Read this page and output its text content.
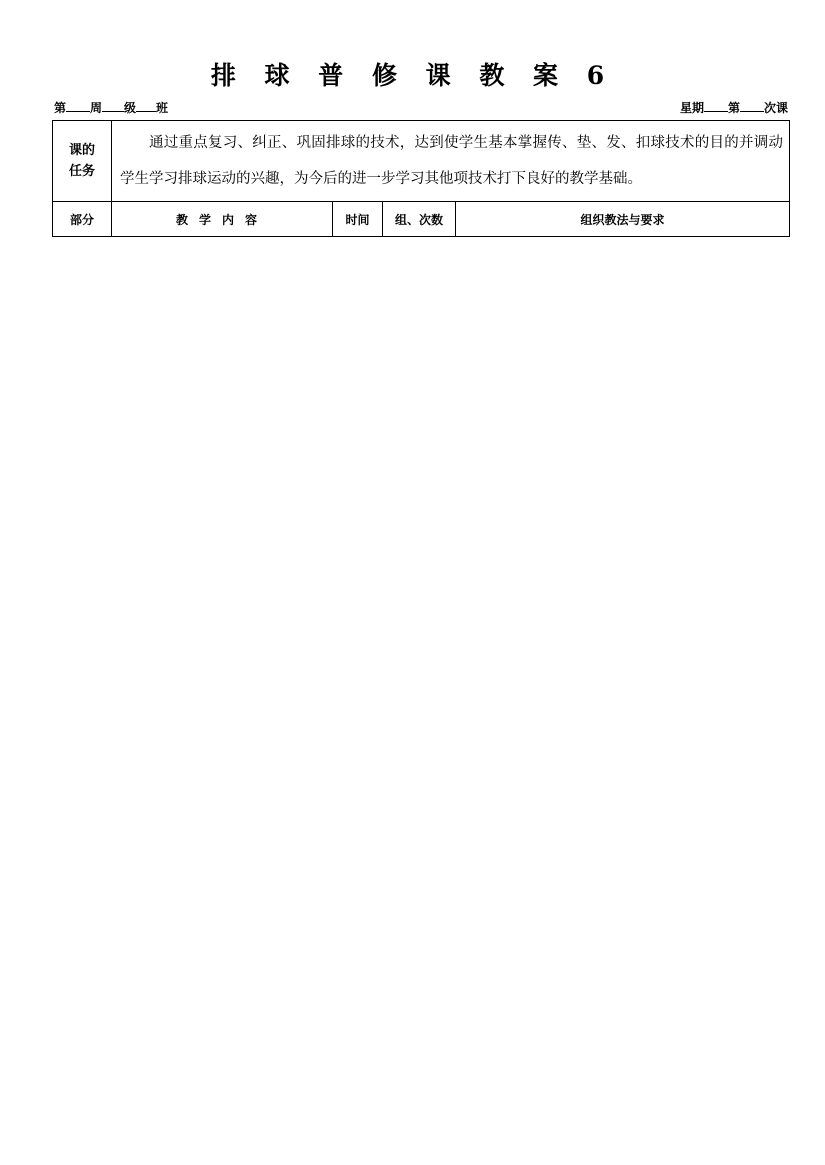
排 球 普 修 课 教 案 6
第 周 级 班	星期 第 次课
课的
任务	通过重点复习、纠正、巩固排球的技术，达到使学生基本掌握传、垫、发、扣球技术的目的并调动学生学习排球运动的兴趣，为今后的进一步学习其他项技术打下良好的教学基础。			
部分	教学内容	时间	组、次数	组织教法与要求
